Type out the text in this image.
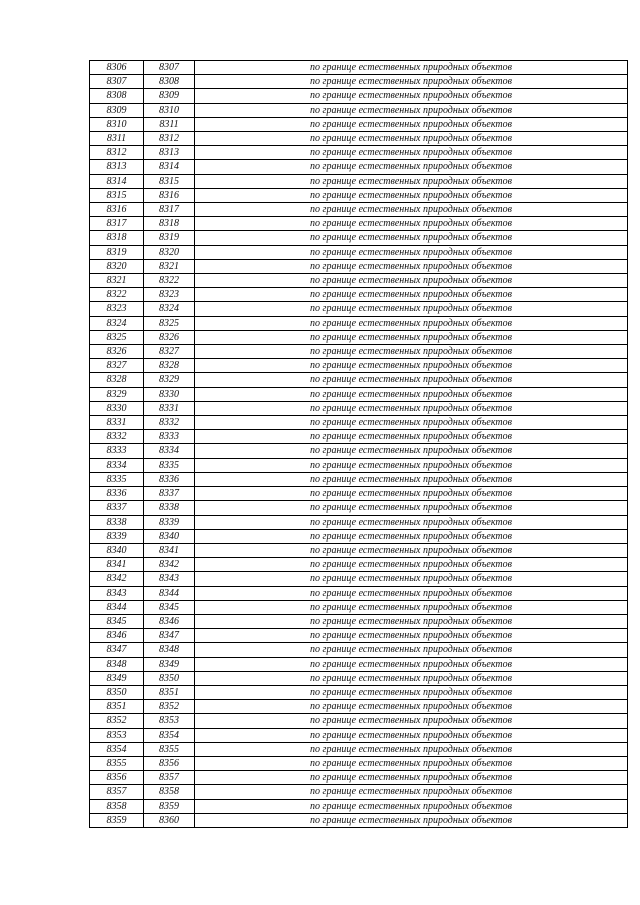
8306	8307	по границе естественных природных объектов
8307	8308	по границе естественных природных объектов
8308	8309	по границе естественных природных объектов
8309	8310	по границе естественных природных объектов
8310	8311	по границе естественных природных объектов
8311	8312	по границе естественных природных объектов
8312	8313	по границе естественных природных объектов
8313	8314	по границе естественных природных объектов
8314	8315	по границе естественных природных объектов
8315	8316	по границе естественных природных объектов
8316	8317	по границе естественных природных объектов
8317	8318	по границе естественных природных объектов
8318	8319	по границе естественных природных объектов
8319	8320	по границе естественных природных объектов
8320	8321	по границе естественных природных объектов
8321	8322	по границе естественных природных объектов
8322	8323	по границе естественных природных объектов
8323	8324	по границе естественных природных объектов
8324	8325	по границе естественных природных объектов
8325	8326	по границе естественных природных объектов
8326	8327	по границе естественных природных объектов
8327	8328	по границе естественных природных объектов
8328	8329	по границе естественных природных объектов
8329	8330	по границе естественных природных объектов
8330	8331	по границе естественных природных объектов
8331	8332	по границе естественных природных объектов
8332	8333	по границе естественных природных объектов
8333	8334	по границе естественных природных объектов
8334	8335	по границе естественных природных объектов
8335	8336	по границе естественных природных объектов
8336	8337	по границе естественных природных объектов
8337	8338	по границе естественных природных объектов
8338	8339	по границе естественных природных объектов
8339	8340	по границе естественных природных объектов
8340	8341	по границе естественных природных объектов
8341	8342	по границе естественных природных объектов
8342	8343	по границе естественных природных объектов
8343	8344	по границе естественных природных объектов
8344	8345	по границе естественных природных объектов
8345	8346	по границе естественных природных объектов
8346	8347	по границе естественных природных объектов
8347	8348	по границе естественных природных объектов
8348	8349	по границе естественных природных объектов
8349	8350	по границе естественных природных объектов
8350	8351	по границе естественных природных объектов
8351	8352	по границе естественных природных объектов
8352	8353	по границе естественных природных объектов
8353	8354	по границе естественных природных объектов
8354	8355	по границе естественных природных объектов
8355	8356	по границе естественных природных объектов
8356	8357	по границе естественных природных объектов
8357	8358	по границе естественных природных объектов
8358	8359	по границе естественных природных объектов
8359	8360	по границе естественных природных объектов
